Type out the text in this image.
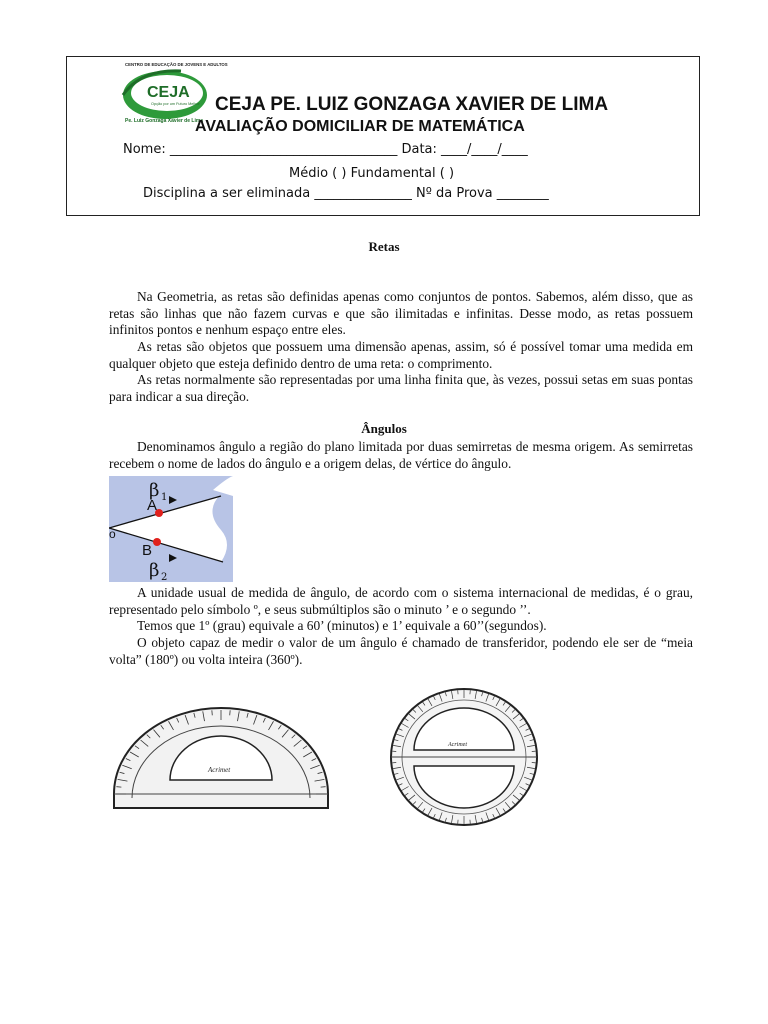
CENTRO DE EDUCAÇÃO DE JOVENS E ADULTOS
CEJA
Opção por um Futuro Melhor
Pe. Luiz Gonzaga Xavier de Lima
CEJA PE. LUIZ GONZAGA XAVIER DE LIMA
AVALIAÇÃO DOMICILIAR DE MATEMÁTICA
Nome: ___________________________________ Data: ____/____/____
Médio ( ) Fundamental ( )
Disciplina a ser eliminada _______________ Nº da Prova ________
Retas

Na Geometria, as retas são definidas apenas como conjuntos de pontos. Sabemos, além disso, que as retas são linhas que não fazem curvas e que são ilimitadas e infinitas. Desse modo, as retas possuem infinitos pontos e nenhum espaço entre eles.

As retas são objetos que possuem uma dimensão apenas, assim, só é possível tomar uma medida em qualquer objeto que esteja definido dentro de uma reta: o comprimento.

As retas normalmente são representadas por uma linha finita que, às vezes, possui setas em suas pontas para indicar a sua direção.

Ângulos

Denominamos ângulo a região do plano limitada por duas semirretas de mesma origem. As semirretas recebem o nome de lados do ângulo e a origem delas, de vértice do ângulo.

β 1
A
B
β 2
o

A unidade usual de medida de ângulo, de acordo com o sistema internacional de medidas, é o grau, representado pelo símbolo º, e seus submúltiplos são o minuto ’ e o segundo ’’.

Temos que 1º (grau) equivale a 60’ (minutos) e 1’ equivale a 60’’(segundos).

O objeto capaz de medir o valor de um ângulo é chamado de transferidor, podendo ele ser de “meia volta” (180º) ou volta inteira (360º).

Acrimet
Acrimet
